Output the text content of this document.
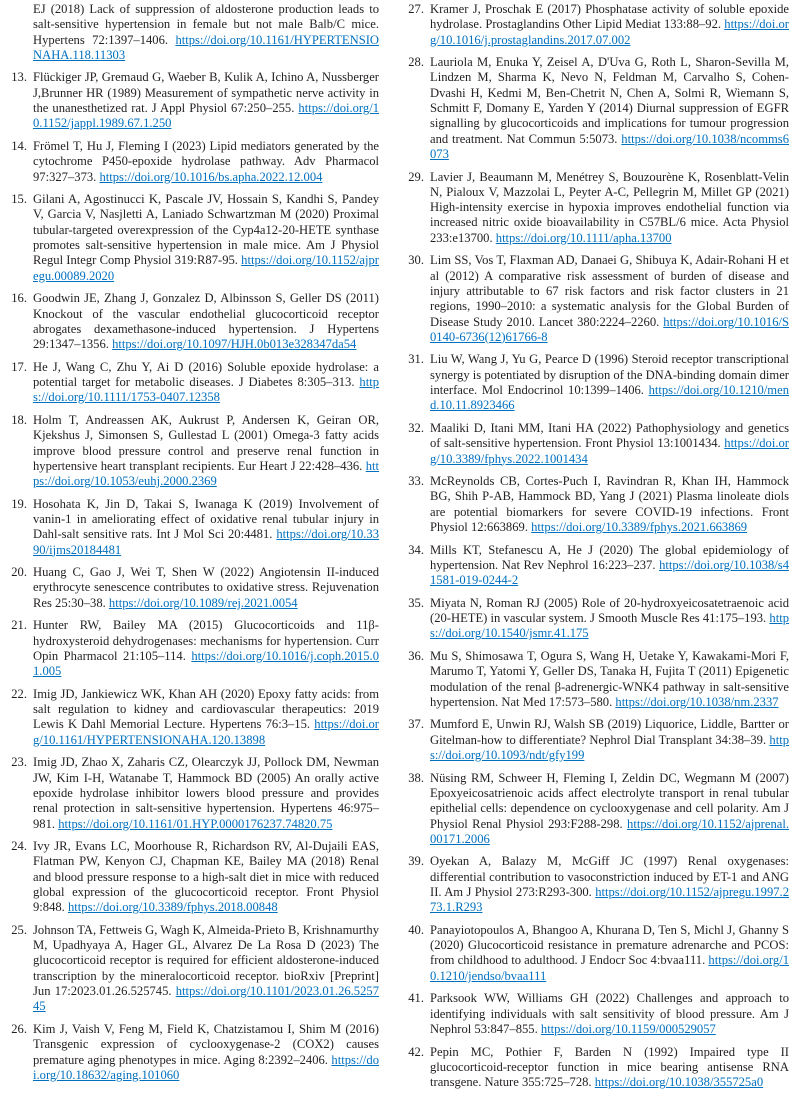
EJ (2018) Lack of suppression of aldosterone production leads to salt-sensitive hypertension in female but not male Balb/C mice. Hypertens 72:1397–1406. https://doi.org/10.1161/HYPERTENSIONAHA.118.11303
13. Flückiger JP, Gremaud G, Waeber B, Kulik A, Ichino A, Nussberger J,Brunner HR (1989) Measurement of sympathetic nerve activity in the unanesthetized rat. J Appl Physiol 67:250–255. https://doi.org/10.1152/jappl.1989.67.1.250
14. Frömel T, Hu J, Fleming I (2023) Lipid mediators generated by the cytochrome P450-epoxide hydrolase pathway. Adv Pharmacol 97:327–373. https://doi.org/10.1016/bs.apha.2022.12.004
15. Gilani A, Agostinucci K, Pascale JV, Hossain S, Kandhi S, Pandey V, Garcia V, Nasjletti A, Laniado Schwartzman M (2020) Proximal tubular-targeted overexpression of the Cyp4a12-20-HETE synthase promotes salt-sensitive hypertension in male mice. Am J Physiol Regul Integr Comp Physiol 319:R87-95. https://doi.org/10.1152/ajpregu.00089.2020
16. Goodwin JE, Zhang J, Gonzalez D, Albinsson S, Geller DS (2011) Knockout of the vascular endothelial glucocorticoid receptor abrogates dexamethasone-induced hypertension. J Hypertens 29:1347–1356. https://doi.org/10.1097/HJH.0b013e328347da54
17. He J, Wang C, Zhu Y, Ai D (2016) Soluble epoxide hydrolase: a potential target for metabolic diseases. J Diabetes 8:305–313. https://doi.org/10.1111/1753-0407.12358
18. Holm T, Andreassen AK, Aukrust P, Andersen K, Geiran OR, Kjekshus J, Simonsen S, Gullestad L (2001) Omega-3 fatty acids improve blood pressure control and preserve renal function in hypertensive heart transplant recipients. Eur Heart J 22:428–436. https://doi.org/10.1053/euhj.2000.2369
19. Hosohata K, Jin D, Takai S, Iwanaga K (2019) Involvement of vanin-1 in ameliorating effect of oxidative renal tubular injury in Dahl-salt sensitive rats. Int J Mol Sci 20:4481. https://doi.org/10.3390/ijms20184481
20. Huang C, Gao J, Wei T, Shen W (2022) Angiotensin II-induced erythrocyte senescence contributes to oxidative stress. Rejuvenation Res 25:30–38. https://doi.org/10.1089/rej.2021.0054
21. Hunter RW, Bailey MA (2015) Glucocorticoids and 11β-hydroxysteroid dehydrogenases: mechanisms for hypertension. Curr Opin Pharmacol 21:105–114. https://doi.org/10.1016/j.coph.2015.01.005
22. Imig JD, Jankiewicz WK, Khan AH (2020) Epoxy fatty acids: from salt regulation to kidney and cardiovascular therapeutics: 2019 Lewis K Dahl Memorial Lecture. Hypertens 76:3–15. https://doi.org/10.1161/HYPERTENSIONAHA.120.13898
23. Imig JD, Zhao X, Zaharis CZ, Olearczyk JJ, Pollock DM, Newman JW, Kim I-H, Watanabe T, Hammock BD (2005) An orally active epoxide hydrolase inhibitor lowers blood pressure and provides renal protection in salt-sensitive hypertension. Hypertens 46:975–981. https://doi.org/10.1161/01.HYP.0000176237.74820.75
24. Ivy JR, Evans LC, Moorhouse R, Richardson RV, Al-Dujaili EAS, Flatman PW, Kenyon CJ, Chapman KE, Bailey MA (2018) Renal and blood pressure response to a high-salt diet in mice with reduced global expression of the glucocorticoid receptor. Front Physiol 9:848. https://doi.org/10.3389/fphys.2018.00848
25. Johnson TA, Fettweis G, Wagh K, Almeida-Prieto B, Krishnamurthy M, Upadhyaya A, Hager GL, Alvarez De La Rosa D (2023) The glucocorticoid receptor is required for efficient aldosterone-induced transcription by the mineralocorticoid receptor. bioRxiv [Preprint] Jun 17:2023.01.26.525745. https://doi.org/10.1101/2023.01.26.525745
26. Kim J, Vaish V, Feng M, Field K, Chatzistamou I, Shim M (2016) Transgenic expression of cyclooxygenase-2 (COX2) causes premature aging phenotypes in mice. Aging 8:2392–2406. https://doi.org/10.18632/aging.101060
27. Kramer J, Proschak E (2017) Phosphatase activity of soluble epoxide hydrolase. Prostaglandins Other Lipid Mediat 133:88–92. https://doi.org/10.1016/j.prostaglandins.2017.07.002
28. Lauriola M, Enuka Y, Zeisel A, D'Uva G, Roth L, Sharon-Sevilla M, Lindzen M, Sharma K, Nevo N, Feldman M, Carvalho S, Cohen-Dvashi H, Kedmi M, Ben-Chetrit N, Chen A, Solmi R, Wiemann S, Schmitt F, Domany E, Yarden Y (2014) Diurnal suppression of EGFR signalling by glucocorticoids and implications for tumour progression and treatment. Nat Commun 5:5073. https://doi.org/10.1038/ncomms6073
29. Lavier J, Beaumann M, Menétrey S, Bouzourène K, Rosenblatt-Velin N, Pialoux V, Mazzolai L, Peyter A-C, Pellegrin M, Millet GP (2021) High-intensity exercise in hypoxia improves endothelial function via increased nitric oxide bioavailability in C57BL/6 mice. Acta Physiol 233:e13700. https://doi.org/10.1111/apha.13700
30. Lim SS, Vos T, Flaxman AD, Danaei G, Shibuya K, Adair-Rohani H et al (2012) A comparative risk assessment of burden of disease and injury attributable to 67 risk factors and risk factor clusters in 21 regions, 1990–2010: a systematic analysis for the Global Burden of Disease Study 2010. Lancet 380:2224–2260. https://doi.org/10.1016/S0140-6736(12)61766-8
31. Liu W, Wang J, Yu G, Pearce D (1996) Steroid receptor transcriptional synergy is potentiated by disruption of the DNA-binding domain dimer interface. Mol Endocrinol 10:1399–1406. https://doi.org/10.1210/mend.10.11.8923466
32. Maaliki D, Itani MM, Itani HA (2022) Pathophysiology and genetics of salt-sensitive hypertension. Front Physiol 13:1001434. https://doi.org/10.3389/fphys.2022.1001434
33. McReynolds CB, Cortes-Puch I, Ravindran R, Khan IH, Hammock BG, Shih P-AB, Hammock BD, Yang J (2021) Plasma linoleate diols are potential biomarkers for severe COVID-19 infections. Front Physiol 12:663869. https://doi.org/10.3389/fphys.2021.663869
34. Mills KT, Stefanescu A, He J (2020) The global epidemiology of hypertension. Nat Rev Nephrol 16:223–237. https://doi.org/10.1038/s41581-019-0244-2
35. Miyata N, Roman RJ (2005) Role of 20-hydroxyeicosatetraenoic acid (20-HETE) in vascular system. J Smooth Muscle Res 41:175–193. https://doi.org/10.1540/jsmr.41.175
36. Mu S, Shimosawa T, Ogura S, Wang H, Uetake Y, Kawakami-Mori F, Marumo T, Yatomi Y, Geller DS, Tanaka H, Fujita T (2011) Epigenetic modulation of the renal β-adrenergic-WNK4 pathway in salt-sensitive hypertension. Nat Med 17:573–580. https://doi.org/10.1038/nm.2337
37. Mumford E, Unwin RJ, Walsh SB (2019) Liquorice, Liddle, Bartter or Gitelman-how to differentiate? Nephrol Dial Transplant 34:38–39. https://doi.org/10.1093/ndt/gfy199
38. Nüsing RM, Schweer H, Fleming I, Zeldin DC, Wegmann M (2007) Epoxyeicosatrienoic acids affect electrolyte transport in renal tubular epithelial cells: dependence on cyclooxygenase and cell polarity. Am J Physiol Renal Physiol 293:F288-298. https://doi.org/10.1152/ajprenal.00171.2006
39. Oyekan A, Balazy M, McGiff JC (1997) Renal oxygenases: differential contribution to vasoconstriction induced by ET-1 and ANG II. Am J Physiol 273:R293-300. https://doi.org/10.1152/ajpregu.1997.273.1.R293
40. Panayiotopoulos A, Bhangoo A, Khurana D, Ten S, Michl J, Ghanny S (2020) Glucocorticoid resistance in premature adrenarche and PCOS: from childhood to adulthood. J Endocr Soc 4:bvaa111. https://doi.org/10.1210/jendso/bvaa111
41. Parksook WW, Williams GH (2022) Challenges and approach to identifying individuals with salt sensitivity of blood pressure. Am J Nephrol 53:847–855. https://doi.org/10.1159/000529057
42. Pepin MC, Pothier F, Barden N (1992) Impaired type II glucocorticoid-receptor function in mice bearing antisense RNA transgene. Nature 355:725–728. https://doi.org/10.1038/355725a0
